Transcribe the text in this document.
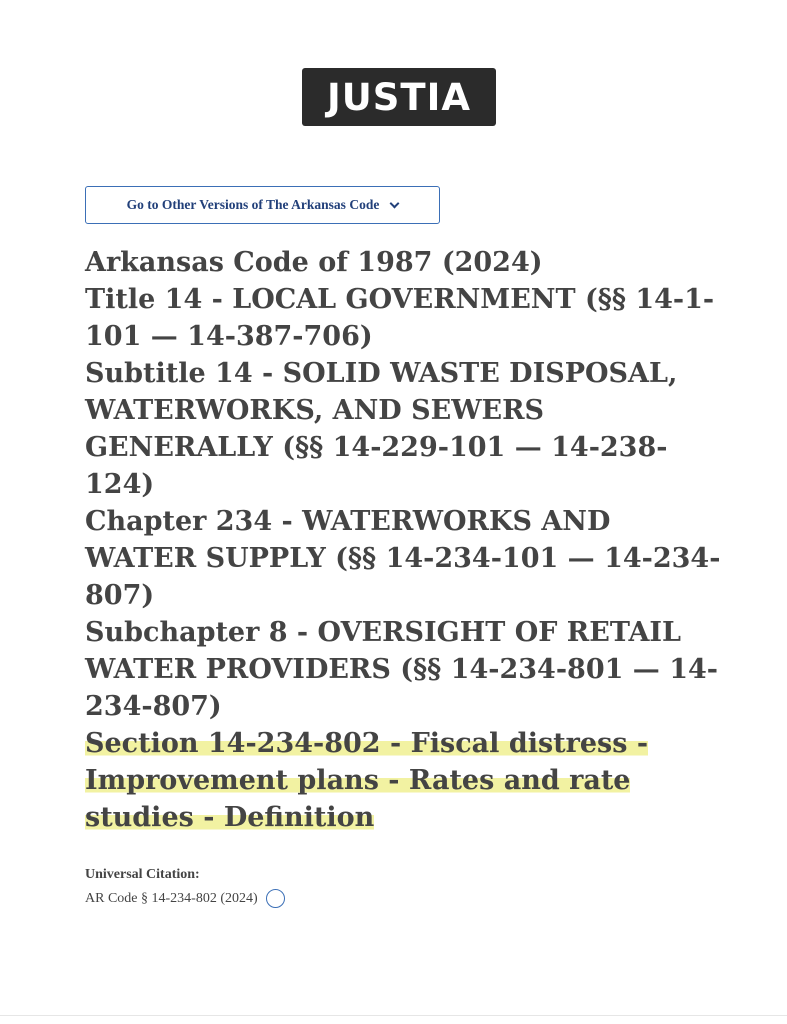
JUSTIA
Go to Other Versions of The Arkansas Code
Arkansas Code of 1987 (2024)
Title 14 - LOCAL GOVERNMENT (§§ 14-1-101 — 14-387-706)
Subtitle 14 - SOLID WASTE DISPOSAL, WATERWORKS, AND SEWERS GENERALLY (§§ 14-229-101 — 14-238-124)
Chapter 234 - WATERWORKS AND WATER SUPPLY (§§ 14-234-101 — 14-234-807)
Subchapter 8 - OVERSIGHT OF RETAIL WATER PROVIDERS (§§ 14-234-801 — 14-234-807)
Section 14-234-802 - Fiscal distress - Improvement plans - Rates and rate studies - Definition
Universal Citation:
AR Code § 14-234-802 (2024)
